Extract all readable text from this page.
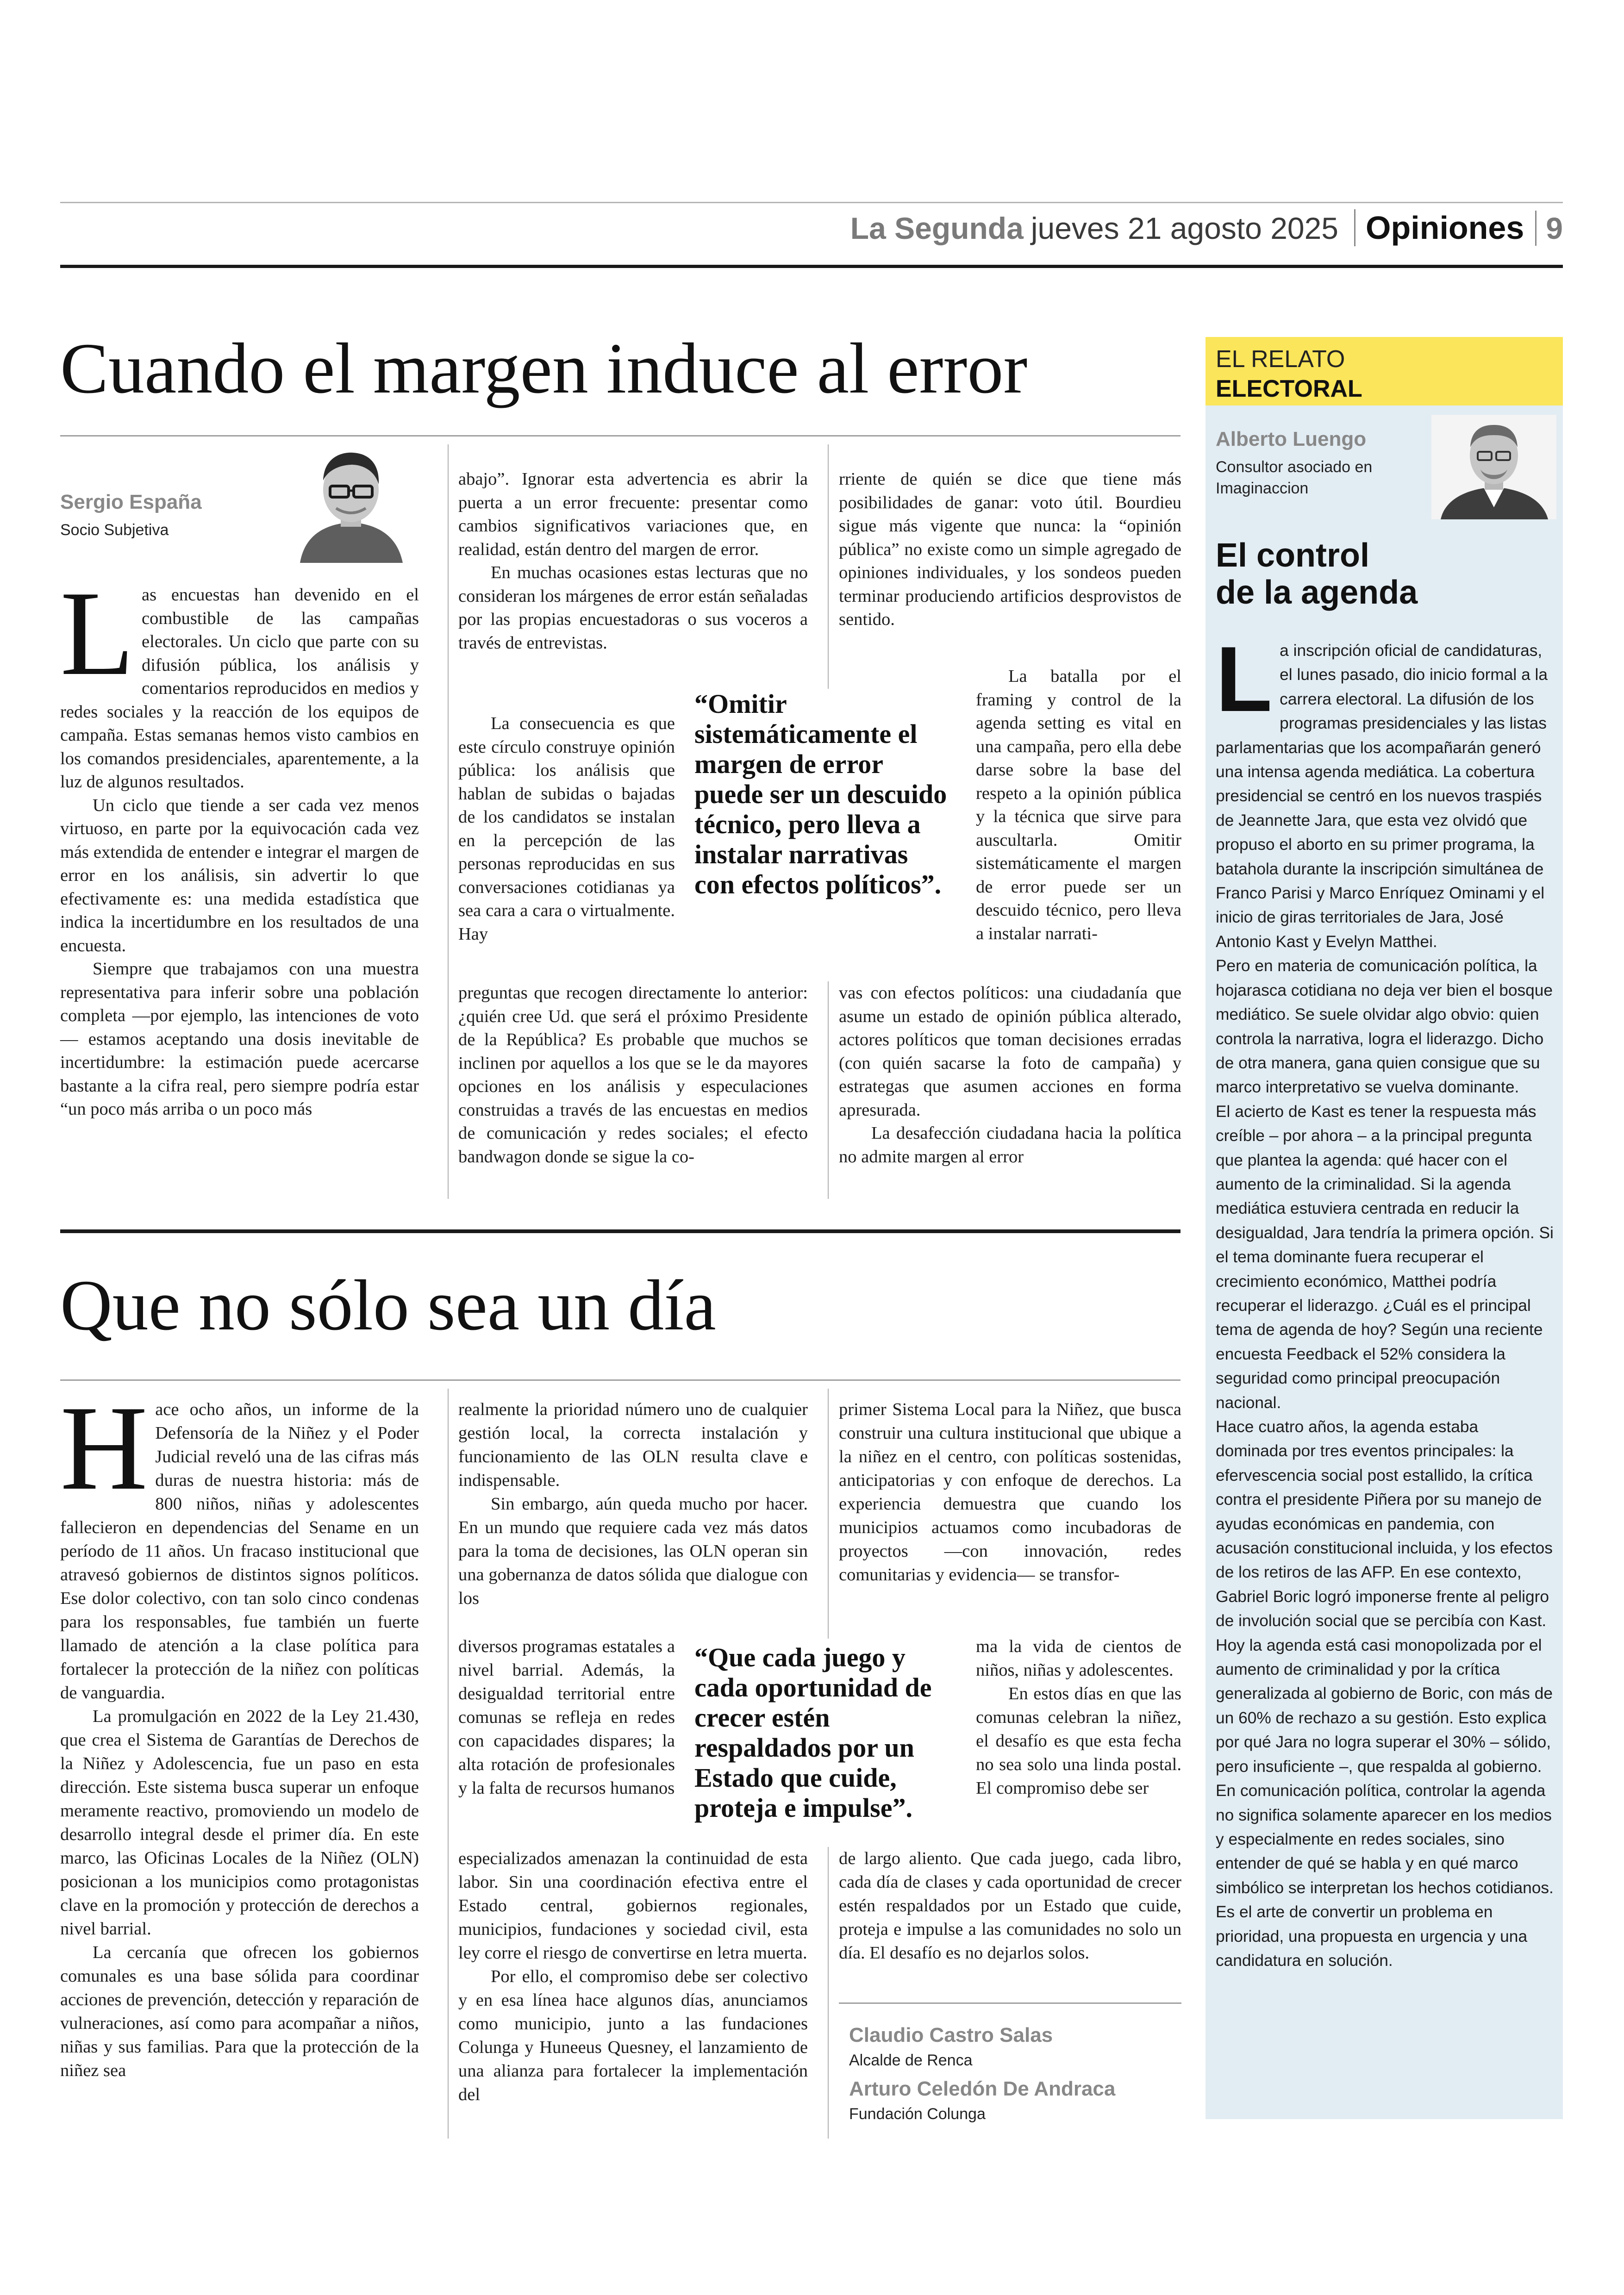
La Segunda jueves 21 agosto 2025 Opiniones 9
Cuando el margen induce al error
Sergio España
Socio Subjetiva

Las encuestas han devenido en el combustible de las campañas electorales. Un ciclo que parte con su difusión pública, los análisis y comentarios reproducidos en medios y redes sociales y la reacción de los equipos de campaña. Estas semanas hemos visto cambios en los comandos presidenciales, aparentemente, a la luz de algunos resultados.

Un ciclo que tiende a ser cada vez menos virtuoso, en parte por la equivocación cada vez más extendida de entender e integrar el margen de error en los análisis, sin advertir lo que efectivamente es: una medida estadística que indica la incertidumbre en los resultados de una encuesta.

Siempre que trabajamos con una muestra representativa para inferir sobre una población completa —por ejemplo, las intenciones de voto— estamos aceptando una dosis inevitable de incertidumbre: la estimación puede acercarse bastante a la cifra real, pero siempre podría estar “un poco más arriba o un poco más

abajo”. Ignorar esta advertencia es abrir la puerta a un error frecuente: presentar como cambios significativos variaciones que, en realidad, están dentro del margen de error.

En muchas ocasiones estas lecturas que no consideran los márgenes de error están señaladas por las propias encuestadoras o sus voceros a través de entrevistas.

La consecuencia es que este círculo construye opinión pública: los análisis que hablan de subidas o bajadas de los candidatos se instalan en la percepción de las personas reproducidas en sus conversaciones cotidianas ya sea cara a cara o virtualmente. Hay

preguntas que recogen directamente lo anterior: ¿quién cree Ud. que será el próximo Presidente de la República? Es probable que muchos se inclinen por aquellos a los que se le da mayores opciones en los análisis y especulaciones construidas a través de las encuestas en medios de comunicación y redes sociales; el efecto bandwagon donde se sigue la co-

rriente de quién se dice que tiene más posibilidades de ganar: voto útil. Bourdieu sigue más vigente que nunca: la “opinión pública” no existe como un simple agregado de opiniones individuales, y los sondeos pueden terminar produciendo artificios desprovistos de sentido.

La batalla por el framing y control de la agenda setting es vital en una campaña, pero ella debe darse sobre la base del respeto a la opinión pública y la técnica que sirve para auscultarla. Omitir sistemáticamente el margen de error puede ser un descuido técnico, pero lleva a instalar narrati-

vas con efectos políticos: una ciudadanía que asume un estado de opinión pública alterado, actores políticos que toman decisiones erradas (con quién sacarse la foto de campaña) y estrategas que asumen acciones en forma apresurada.

La desafección ciudadana hacia la política no admite margen al error

“Omitir sistemáticamente el margen de error puede ser un descuido técnico, pero lleva a instalar narrativas con efectos políticos”.
Que no sólo sea un día

Hace ocho años, un informe de la Defensoría de la Niñez y el Poder Judicial reveló una de las cifras más duras de nuestra historia: más de 800 niños, niñas y adolescentes fallecieron en dependencias del Sename en un período de 11 años. Un fracaso institucional que atravesó gobiernos de distintos signos políticos. Ese dolor colectivo, con tan solo cinco condenas para los responsables, fue también un fuerte llamado de atención a la clase política para fortalecer la protección de la niñez con políticas de vanguardia.

La promulgación en 2022 de la Ley 21.430, que crea el Sistema de Garantías de Derechos de la Niñez y Adolescencia, fue un paso en esta dirección. Este sistema busca superar un enfoque meramente reactivo, promoviendo un modelo de desarrollo integral desde el primer día. En este marco, las Oficinas Locales de la Niñez (OLN) posicionan a los municipios como protagonistas clave en la promoción y protección de derechos a nivel barrial.

La cercanía que ofrecen los gobiernos comunales es una base sólida para coordinar acciones de prevención, detección y reparación de vulneraciones, así como para acompañar a niños, niñas y sus familias. Para que la protección de la niñez sea

realmente la prioridad número uno de cualquier gestión local, la correcta instalación y funcionamiento de las OLN resulta clave e indispensable.

Sin embargo, aún queda mucho por hacer. En un mundo que requiere cada vez más datos para la toma de decisiones, las OLN operan sin una gobernanza de datos sólida que dialogue con los

diversos programas estatales a nivel barrial. Además, la desigualdad territorial entre comunas se refleja en redes con capacidades dispares; la alta rotación de profesionales y la falta de recursos humanos

especializados amenazan la continuidad de esta labor. Sin una coordinación efectiva entre el Estado central, gobiernos regionales, municipios, fundaciones y sociedad civil, esta ley corre el riesgo de convertirse en letra muerta.

Por ello, el compromiso debe ser colectivo y en esa línea hace algunos días, anunciamos como municipio, junto a las fundaciones Colunga y Huneeus Quesney, el lanzamiento de una alianza para fortalecer la implementación del

primer Sistema Local para la Niñez, que busca construir una cultura institucional que ubique a la niñez en el centro, con políticas sostenidas, anticipatorias y con enfoque de derechos. La experiencia demuestra que cuando los municipios actuamos como incubadoras de proyectos —con innovación, redes comunitarias y evidencia— se transfor-

ma la vida de cientos de niños, niñas y adolescentes.

En estos días en que las comunas celebran la niñez, el desafío es que esta fecha no sea solo una linda postal. El compromiso debe ser

de largo aliento. Que cada juego, cada libro, cada día de clases y cada oportunidad de crecer estén respaldados por un Estado que cuide, proteja e impulse a las comunidades no solo un día. El desafío es no dejarlos solos.

“Que cada juego y cada oportunidad de crecer estén respaldados por un Estado que cuide, proteja e impulse”.
Claudio Castro Salas
Alcalde de Renca
Arturo Celedón De Andraca
Fundación Colunga
EL RELATO
ELECTORAL
Alberto Luengo
Consultor asociado en
Imaginaccion
El control
de la agenda

La inscripción oficial de candidaturas, el lunes pasado, dio inicio formal a la carrera electoral. La difusión de los programas presidenciales y las listas parlamentarias que los acompañarán generó una intensa agenda mediática. La cobertura presidencial se centró en los nuevos traspiés de Jeannette Jara, que esta vez olvidó que propuso el aborto en su primer programa, la batahola durante la inscripción simultánea de Franco Parisi y Marco Enríquez Ominami y el inicio de giras territoriales de Jara, José Antonio Kast y Evelyn Matthei.

Pero en materia de comunicación política, la hojarasca cotidiana no deja ver bien el bosque mediático. Se suele olvidar algo obvio: quien controla la narrativa, logra el liderazgo. Dicho de otra manera, gana quien consigue que su marco interpretativo se vuelva dominante.

El acierto de Kast es tener la respuesta más creíble – por ahora – a la principal pregunta que plantea la agenda: qué hacer con el aumento de la criminalidad. Si la agenda mediática estuviera centrada en reducir la desigualdad, Jara tendría la primera opción. Si el tema dominante fuera recuperar el crecimiento económico, Matthei podría recuperar el liderazgo. ¿Cuál es el principal tema de agenda de hoy? Según una reciente encuesta Feedback el 52% considera la seguridad como principal preocupación nacional.

Hace cuatro años, la agenda estaba dominada por tres eventos principales: la efervescencia social post estallido, la crítica contra el presidente Piñera por su manejo de ayudas económicas en pandemia, con acusación constitucional incluida, y los efectos de los retiros de las AFP. En ese contexto, Gabriel Boric logró imponerse frente al peligro de involución social que se percibía con Kast.

Hoy la agenda está casi monopolizada por el aumento de criminalidad y por la crítica generalizada al gobierno de Boric, con más de un 60% de rechazo a su gestión. Esto explica por qué Jara no logra superar el 30% – sólido, pero insuficiente –, que respalda al gobierno.

En comunicación política, controlar la agenda no significa solamente aparecer en los medios y especialmente en redes sociales, sino entender de qué se habla y en qué marco simbólico se interpretan los hechos cotidianos. Es el arte de convertir un problema en prioridad, una propuesta en urgencia y una candidatura en solución.
